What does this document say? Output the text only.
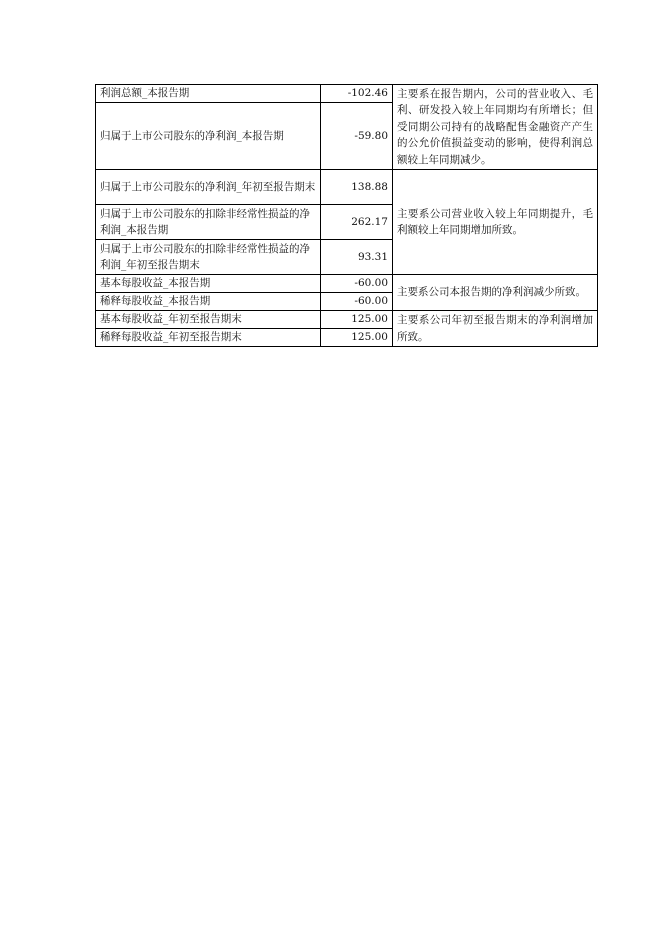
利润总额_本报告期	-102.46	主要系在报告期内，公司的营业收入、毛利、研发投入较上年同期均有所增长；但受同期公司持有的战略配售金融资产产生的公允价值损益变动的影响，使得利润总额较上年同期减少。
归属于上市公司股东的净利润_本报告期	-59.80	
归属于上市公司股东的净利润_年初至报告期末	138.88	主要系公司营业收入较上年同期提升，毛利额较上年同期增加所致。
归属于上市公司股东的扣除非经常性损益的净利润_本报告期	262.17	
归属于上市公司股东的扣除非经常性损益的净利润_年初至报告期末	93.31	
基本每股收益_本报告期	-60.00	主要系公司本报告期的净利润减少所致。
稀释每股收益_本报告期	-60.00	
基本每股收益_年初至报告期末	125.00	主要系公司年初至报告期末的净利润增加所致。
稀释每股收益_年初至报告期末	125.00	
